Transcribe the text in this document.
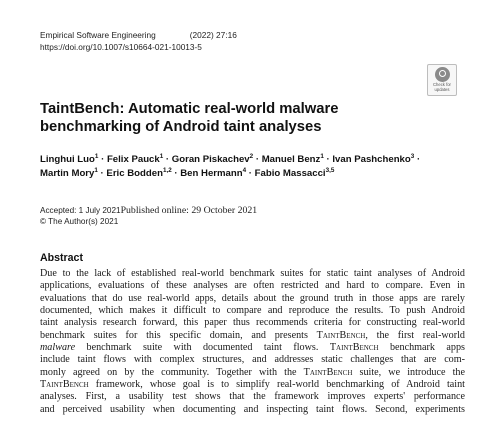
Empirical Software Engineering	(2022) 27:16
https://doi.org/10.1007/s10664-021-10013-5
Check for
updates
TaintBench: Automatic real-world malware
benchmarking of Android taint analyses
Linghui Luo$^1$ · Felix Pauck$^1$ · Goran Piskachev$^2$ · Manuel Benz$^1$ · Ivan Pashchenko$^3$ ·
Martin Mory$^1$ · Eric Bodden$^{1,2}$ · Ben Hermann$^4$ · Fabio Massacci$^{3,5}$
Accepted: 1 July 2021Published online: 29 October 2021
© The Author(s) 2021
Abstract
Due to the lack of established real-world benchmark suites for static taint analyses of Android
applications, evaluations of these analyses are often restricted and hard to compare. Even in
evaluations that do use real-world apps, details about the ground truth in those apps are rarely
documented, which makes it difficult to compare and reproduce the results. To push Android
taint analysis research forward, this paper thus recommends criteria for constructing real-world
benchmark suites for this specific domain, and presents TaintBench, the first real-world
malware benchmark suite with documented taint flows. TaintBench benchmark apps
include taint flows with complex structures, and addresses static challenges that are com-
monly agreed on by the community. Together with the TaintBench suite, we introduce the
TaintBench framework, whose goal is to simplify real-world benchmarking of Android taint
analyses. First, a usability test shows that the framework improves experts' performance
and perceived usability when documenting and inspecting taint flows. Second, experiments
